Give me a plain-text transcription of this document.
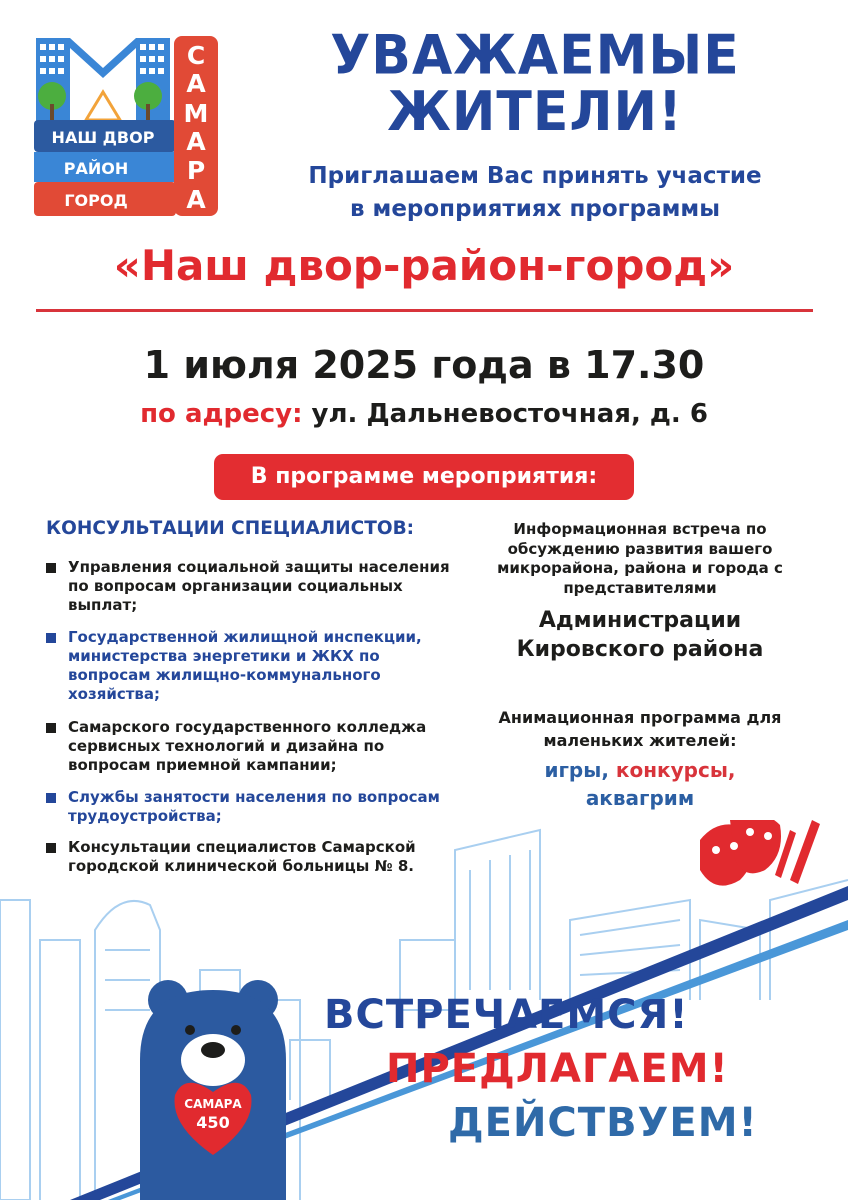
НАШ ДВОР
РАЙОН
ГОРОД
С
А
М
А
Р
А
УВАЖАЕМЫЕ
ЖИТЕЛИ!
Приглашаем Вас принять участие
в мероприятиях программы
«Наш двор-район-город»
1 июля 2025 года в 17.30
по адресу: ул. Дальневосточная, д. 6
В программе мероприятия:
КОНСУЛЬТАЦИИ СПЕЦИАЛИСТОВ:
Управления социальной защиты населения по вопросам организации социальных выплат;
Государственной жилищной инспекции, министерства энергетики и ЖКХ по вопросам жилищно-коммунального хозяйства;
Самарского государственного колледжа сервисных технологий и дизайна по вопросам приемной кампании;
Службы занятости населения по вопросам трудоустройства;
Консультации специалистов Самарской городской клинической больницы № 8.
Информационная встреча по обсуждению развития вашего микрорайона, района и города с представителями
Администрации Кировского района
Анимационная программа для маленьких жителей:
игры, конкурсы,
аквагрим
САМАРА
450
ВСТРЕЧАЕМСЯ!
ПРЕДЛАГАЕМ!
ДЕЙСТВУЕМ!
